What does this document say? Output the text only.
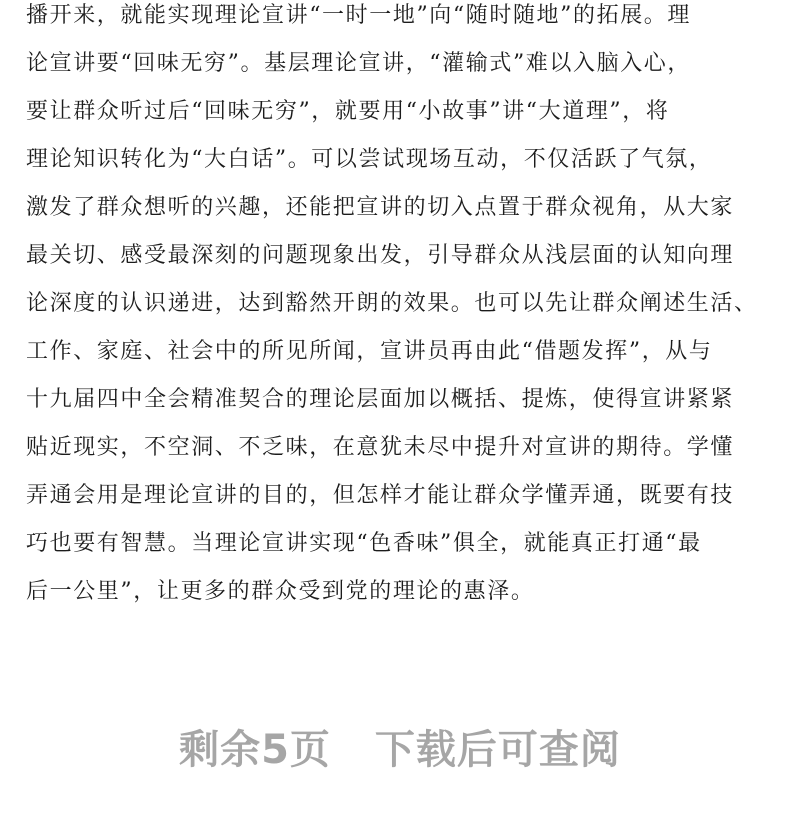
播开来，就能实现理论宣讲“一时一地”向“随时随地”的拓展。理
论宣讲要“回味无穷”。基层理论宣讲，“灌输式”难以入脑入心，
要让群众听过后“回味无穷”，就要用“小故事”讲“大道理”，将
理论知识转化为“大白话”。可以尝试现场互动，不仅活跃了气氛，
激发了群众想听的兴趣，还能把宣讲的切入点置于群众视角，从大家
最关切、感受最深刻的问题现象出发，引导群众从浅层面的认知向理
论深度的认识递进，达到豁然开朗的效果。也可以先让群众阐述生活、
工作、家庭、社会中的所见所闻，宣讲员再由此“借题发挥”，从与
十九届四中全会精准契合的理论层面加以概括、提炼，使得宣讲紧紧
贴近现实，不空洞、不乏味，在意犹未尽中提升对宣讲的期待。学懂
弄通会用是理论宣讲的目的，但怎样才能让群众学懂弄通，既要有技
巧也要有智慧。当理论宣讲实现“色香味”俱全，就能真正打通“最
后一公里”，让更多的群众受到党的理论的惠泽。
剩余5页 下载后可查阅
